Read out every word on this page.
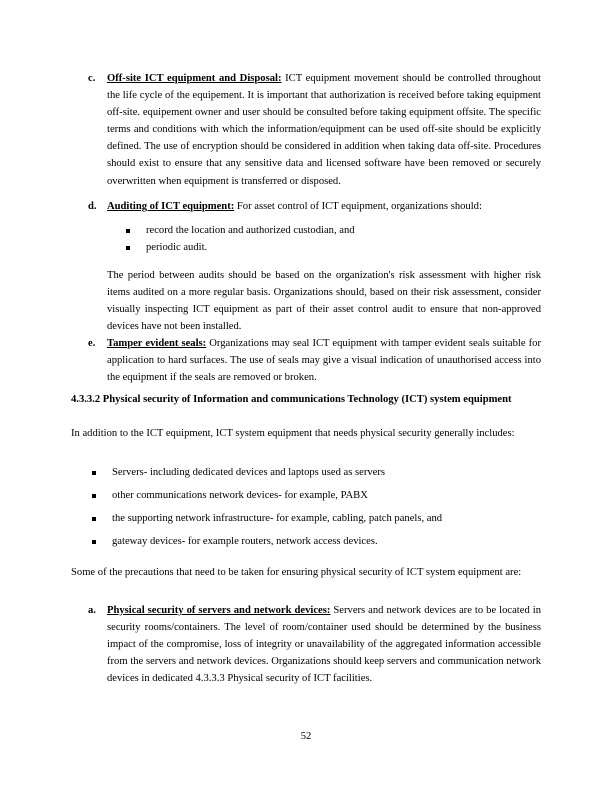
c. Off-site ICT equipment and Disposal: ICT equipment movement should be controlled throughout the life cycle of the equipement. It is important that authorization is received before taking equipment off-site. equipement owner and user should be consulted before taking equipment offsite. The specific terms and conditions with which the information/equipment can be used off-site should be explicitly defined. The use of encryption should be considered in addition when taking data off-site. Procedures should exist to ensure that any sensitive data and licensed software have been removed or securely overwritten when equipment is transferred or disposed.

d. Auditing of ICT equipment: For asset control of ICT equipment, organizations should:

record the location and authorized custodian, and
periodic audit.

The period between audits should be based on the organization's risk assessment with higher risk items audited on a more regular basis. Organizations should, based on their risk assessment, consider visually inspecting ICT equipment as part of their asset control audit to ensure that non-approved devices have not been installed.

e. Tamper evident seals: Organizations may seal ICT equipment with tamper evident seals suitable for application to hard surfaces. The use of seals may give a visual indication of unauthorised access into the equipment if the seals are removed or broken.

4.3.3.2 Physical security of Information and communications Technology (ICT) system equipment

In addition to the ICT equipment, ICT system equipment that needs physical security generally includes:

Servers- including dedicated devices and laptops used as servers
other communications network devices- for example, PABX
the supporting network infrastructure- for example, cabling, patch panels, and
gateway devices- for example routers, network access devices.

Some of the precautions that need to be taken for ensuring physical security of ICT system equipment are:

a. Physical security of servers and network devices: Servers and network devices are to be located in security rooms/containers. The level of room/container used should be determined by the business impact of the compromise, loss of integrity or unavailability of the aggregated information accessible from the servers and network devices. Organizations should keep servers and communication network devices in dedicated 4.3.3.3 Physical security of ICT facilities.

52
